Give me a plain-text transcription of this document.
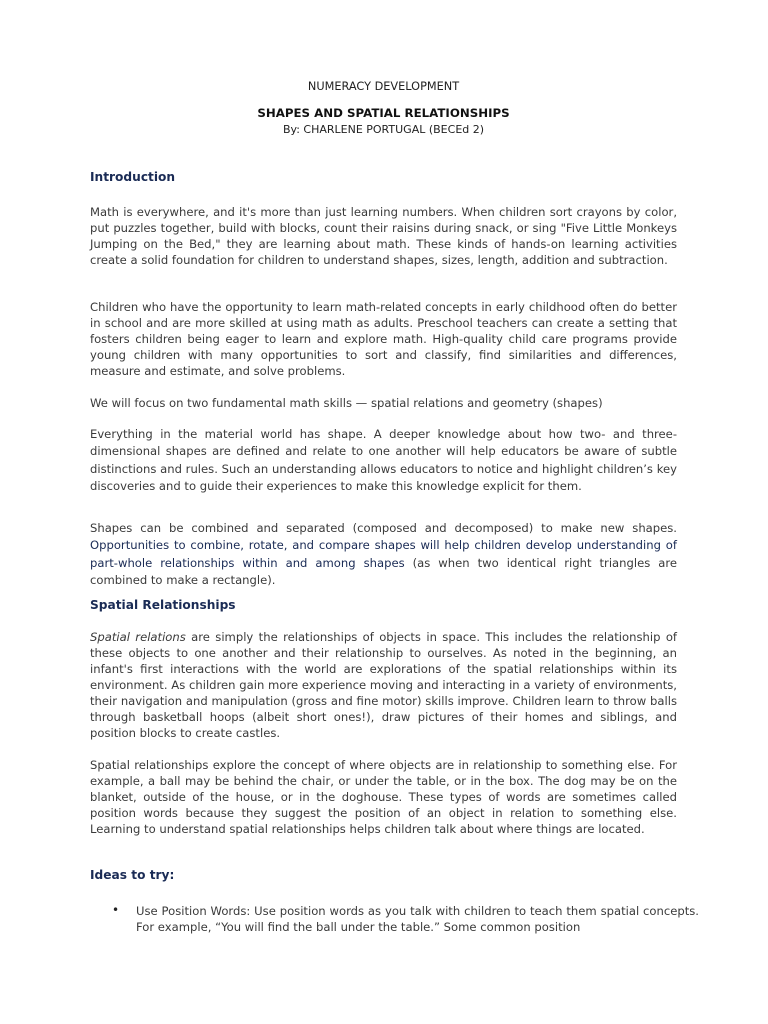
NUMERACY DEVELOPMENT
SHAPES AND SPATIAL RELATIONSHIPS
By: CHARLENE PORTUGAL (BECEd 2)
Introduction

Math is everywhere, and it's more than just learning numbers. When children sort crayons by color, put puzzles together, build with blocks, count their raisins during snack, or sing "Five Little Monkeys Jumping on the Bed," they are learning about math. These kinds of hands-on learning activities create a solid foundation for children to understand shapes, sizes, length, addition and subtraction.

Children who have the opportunity to learn math-related concepts in early childhood often do better in school and are more skilled at using math as adults. Preschool teachers can create a setting that fosters children being eager to learn and explore math. High-quality child care programs provide young children with many opportunities to sort and classify, find similarities and differences, measure and estimate, and solve problems.

We will focus on two fundamental math skills — spatial relations and geometry (shapes)

Everything in the material world has shape. A deeper knowledge about how two- and three-dimensional shapes are defined and relate to one another will help educators be aware of subtle distinctions and rules. Such an understanding allows educators to notice and highlight children’s key discoveries and to guide their experiences to make this knowledge explicit for them.

Shapes can be combined and separated (composed and decomposed) to make new shapes. Opportunities to combine, rotate, and compare shapes will help children develop understanding of part-whole relationships within and among shapes (as when two identical right triangles are combined to make a rectangle).

Spatial Relationships

Spatial relations are simply the relationships of objects in space. This includes the relationship of these objects to one another and their relationship to ourselves. As noted in the beginning, an infant's first interactions with the world are explorations of the spatial relationships within its environment. As children gain more experience moving and interacting in a variety of environments, their navigation and manipulation (gross and fine motor) skills improve. Children learn to throw balls through basketball hoops (albeit short ones!), draw pictures of their homes and siblings, and position blocks to create castles.

Spatial relationships explore the concept of where objects are in relationship to something else. For example, a ball may be behind the chair, or under the table, or in the box. The dog may be on the blanket, outside of the house, or in the doghouse. These types of words are sometimes called position words because they suggest the position of an object in relation to something else. Learning to understand spatial relationships helps children talk about where things are located.

Ideas to try:
• Use Position Words: Use position words as you talk with children to teach them spatial concepts. For example, “You will find the ball under the table.” Some common position
